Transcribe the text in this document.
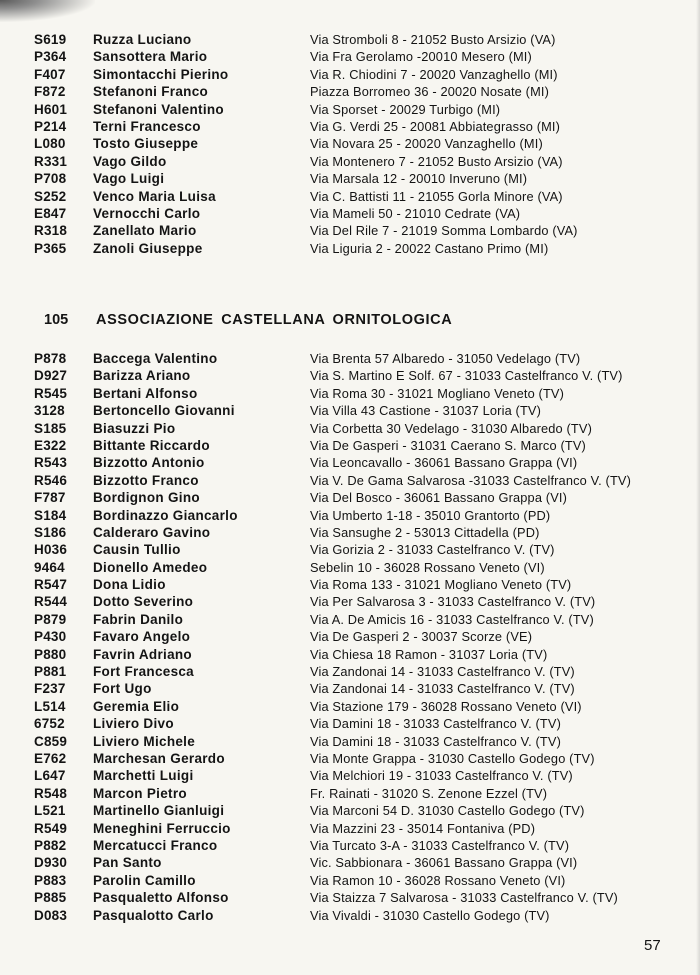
S619 Ruzza Luciano	Via Stromboli 8 - 21052 Busto Arsizio (VA)
P364 Sansottera Mario	Via Fra Gerolamo -20010 Mesero (MI)
F407 Simontacchi Pierino	Via R. Chiodini 7 - 20020 Vanzaghello (MI)
F872 Stefanoni Franco	Piazza Borromeo 36 - 20020 Nosate (MI)
H601 Stefanoni Valentino	Via Sporset - 20029 Turbigo (MI)
P214 Terni Francesco	Via G. Verdi 25 - 20081 Abbiategrasso (MI)
L080 Tosto Giuseppe	Via Novara 25 - 20020 Vanzaghello (MI)
R331 Vago Gildo	Via Montenero 7 - 21052 Busto Arsizio (VA)
P708 Vago Luigi	Via Marsala 12 - 20010 Inveruno (MI)
S252 Venco Maria Luisa	Via C. Battisti 11 - 21055 Gorla Minore (VA)
E847 Vernocchi Carlo	Via Mameli 50 - 21010 Cedrate (VA)
R318 Zanellato Mario	Via Del Rile 7 - 21019 Somma Lombardo (VA)
P365 Zanoli Giuseppe	Via Liguria 2 - 20022 Castano Primo (MI)
105 ASSOCIAZIONE CASTELLANA ORNITOLOGICA
P878 Baccega Valentino	Via Brenta 57 Albaredo - 31050 Vedelago (TV)
D927 Barizza Ariano	Via S. Martino E Solf. 67 - 31033 Castelfranco V. (TV)
R545 Bertani Alfonso	Via Roma 30 - 31021 Mogliano Veneto (TV)
3128 Bertoncello Giovanni	Via Villa 43 Castione - 31037 Loria (TV)
S185 Biasuzzi Pio	Via Corbetta 30 Vedelago - 31030 Albaredo (TV)
E322 Bittante Riccardo	Via De Gasperi - 31031 Caerano S. Marco (TV)
R543 Bizzotto Antonio	Via Leoncavallo - 36061 Bassano Grappa (VI)
R546 Bizzotto Franco	Via V. De Gama Salvarosa -31033 Castelfranco V. (TV)
F787 Bordignon Gino	Via Del Bosco - 36061 Bassano Grappa (VI)
S184 Bordinazzo Giancarlo	Via Umberto 1-18 - 35010 Grantorto (PD)
S186 Calderaro Gavino	Via Sansughe 2 - 53013 Cittadella (PD)
H036 Causin Tullio	Via Gorizia 2 - 31033 Castelfranco V. (TV)
9464 Dionello Amedeo	Sebelin 10 - 36028 Rossano Veneto (VI)
R547 Dona Lidio	Via Roma 133 - 31021 Mogliano Veneto (TV)
R544 Dotto Severino	Via Per Salvarosa 3 - 31033 Castelfranco V. (TV)
P879 Fabrin Danilo	Via A. De Amicis 16 - 31033 Castelfranco V. (TV)
P430 Favaro Angelo	Via De Gasperi 2 - 30037 Scorze (VE)
P880 Favrin Adriano	Via Chiesa 18 Ramon - 31037 Loria (TV)
P881 Fort Francesca	Via Zandonai 14 - 31033 Castelfranco V. (TV)
F237 Fort Ugo	Via Zandonai 14 - 31033 Castelfranco V. (TV)
L514 Geremia Elio	Via Stazione 179 - 36028 Rossano Veneto (VI)
6752 Liviero Divo	Via Damini 18 - 31033 Castelfranco V. (TV)
C859 Liviero Michele	Via Damini 18 - 31033 Castelfranco V. (TV)
E762 Marchesan Gerardo	Via Monte Grappa - 31030 Castello Godego (TV)
L647 Marchetti Luigi	Via Melchiori 19 - 31033 Castelfranco V. (TV)
R548 Marcon Pietro	Fr. Rainati - 31020 S. Zenone Ezzel (TV)
L521 Martinello Gianluigi	Via Marconi 54 D. 31030 Castello Godego (TV)
R549 Meneghini Ferruccio	Via Mazzini 23 - 35014 Fontaniva (PD)
P882 Mercatucci Franco	Via Turcato 3-A - 31033 Castelfranco V. (TV)
D930 Pan Santo	Vic. Sabbionara - 36061 Bassano Grappa (VI)
P883 Parolin Camillo	Via Ramon 10 - 36028 Rossano Veneto (VI)
P885 Pasqualetto Alfonso	Via Staizza 7 Salvarosa - 31033 Castelfranco V. (TV)
D083 Pasqualotto Carlo	Via Vivaldi - 31030 Castello Godego (TV)
57
